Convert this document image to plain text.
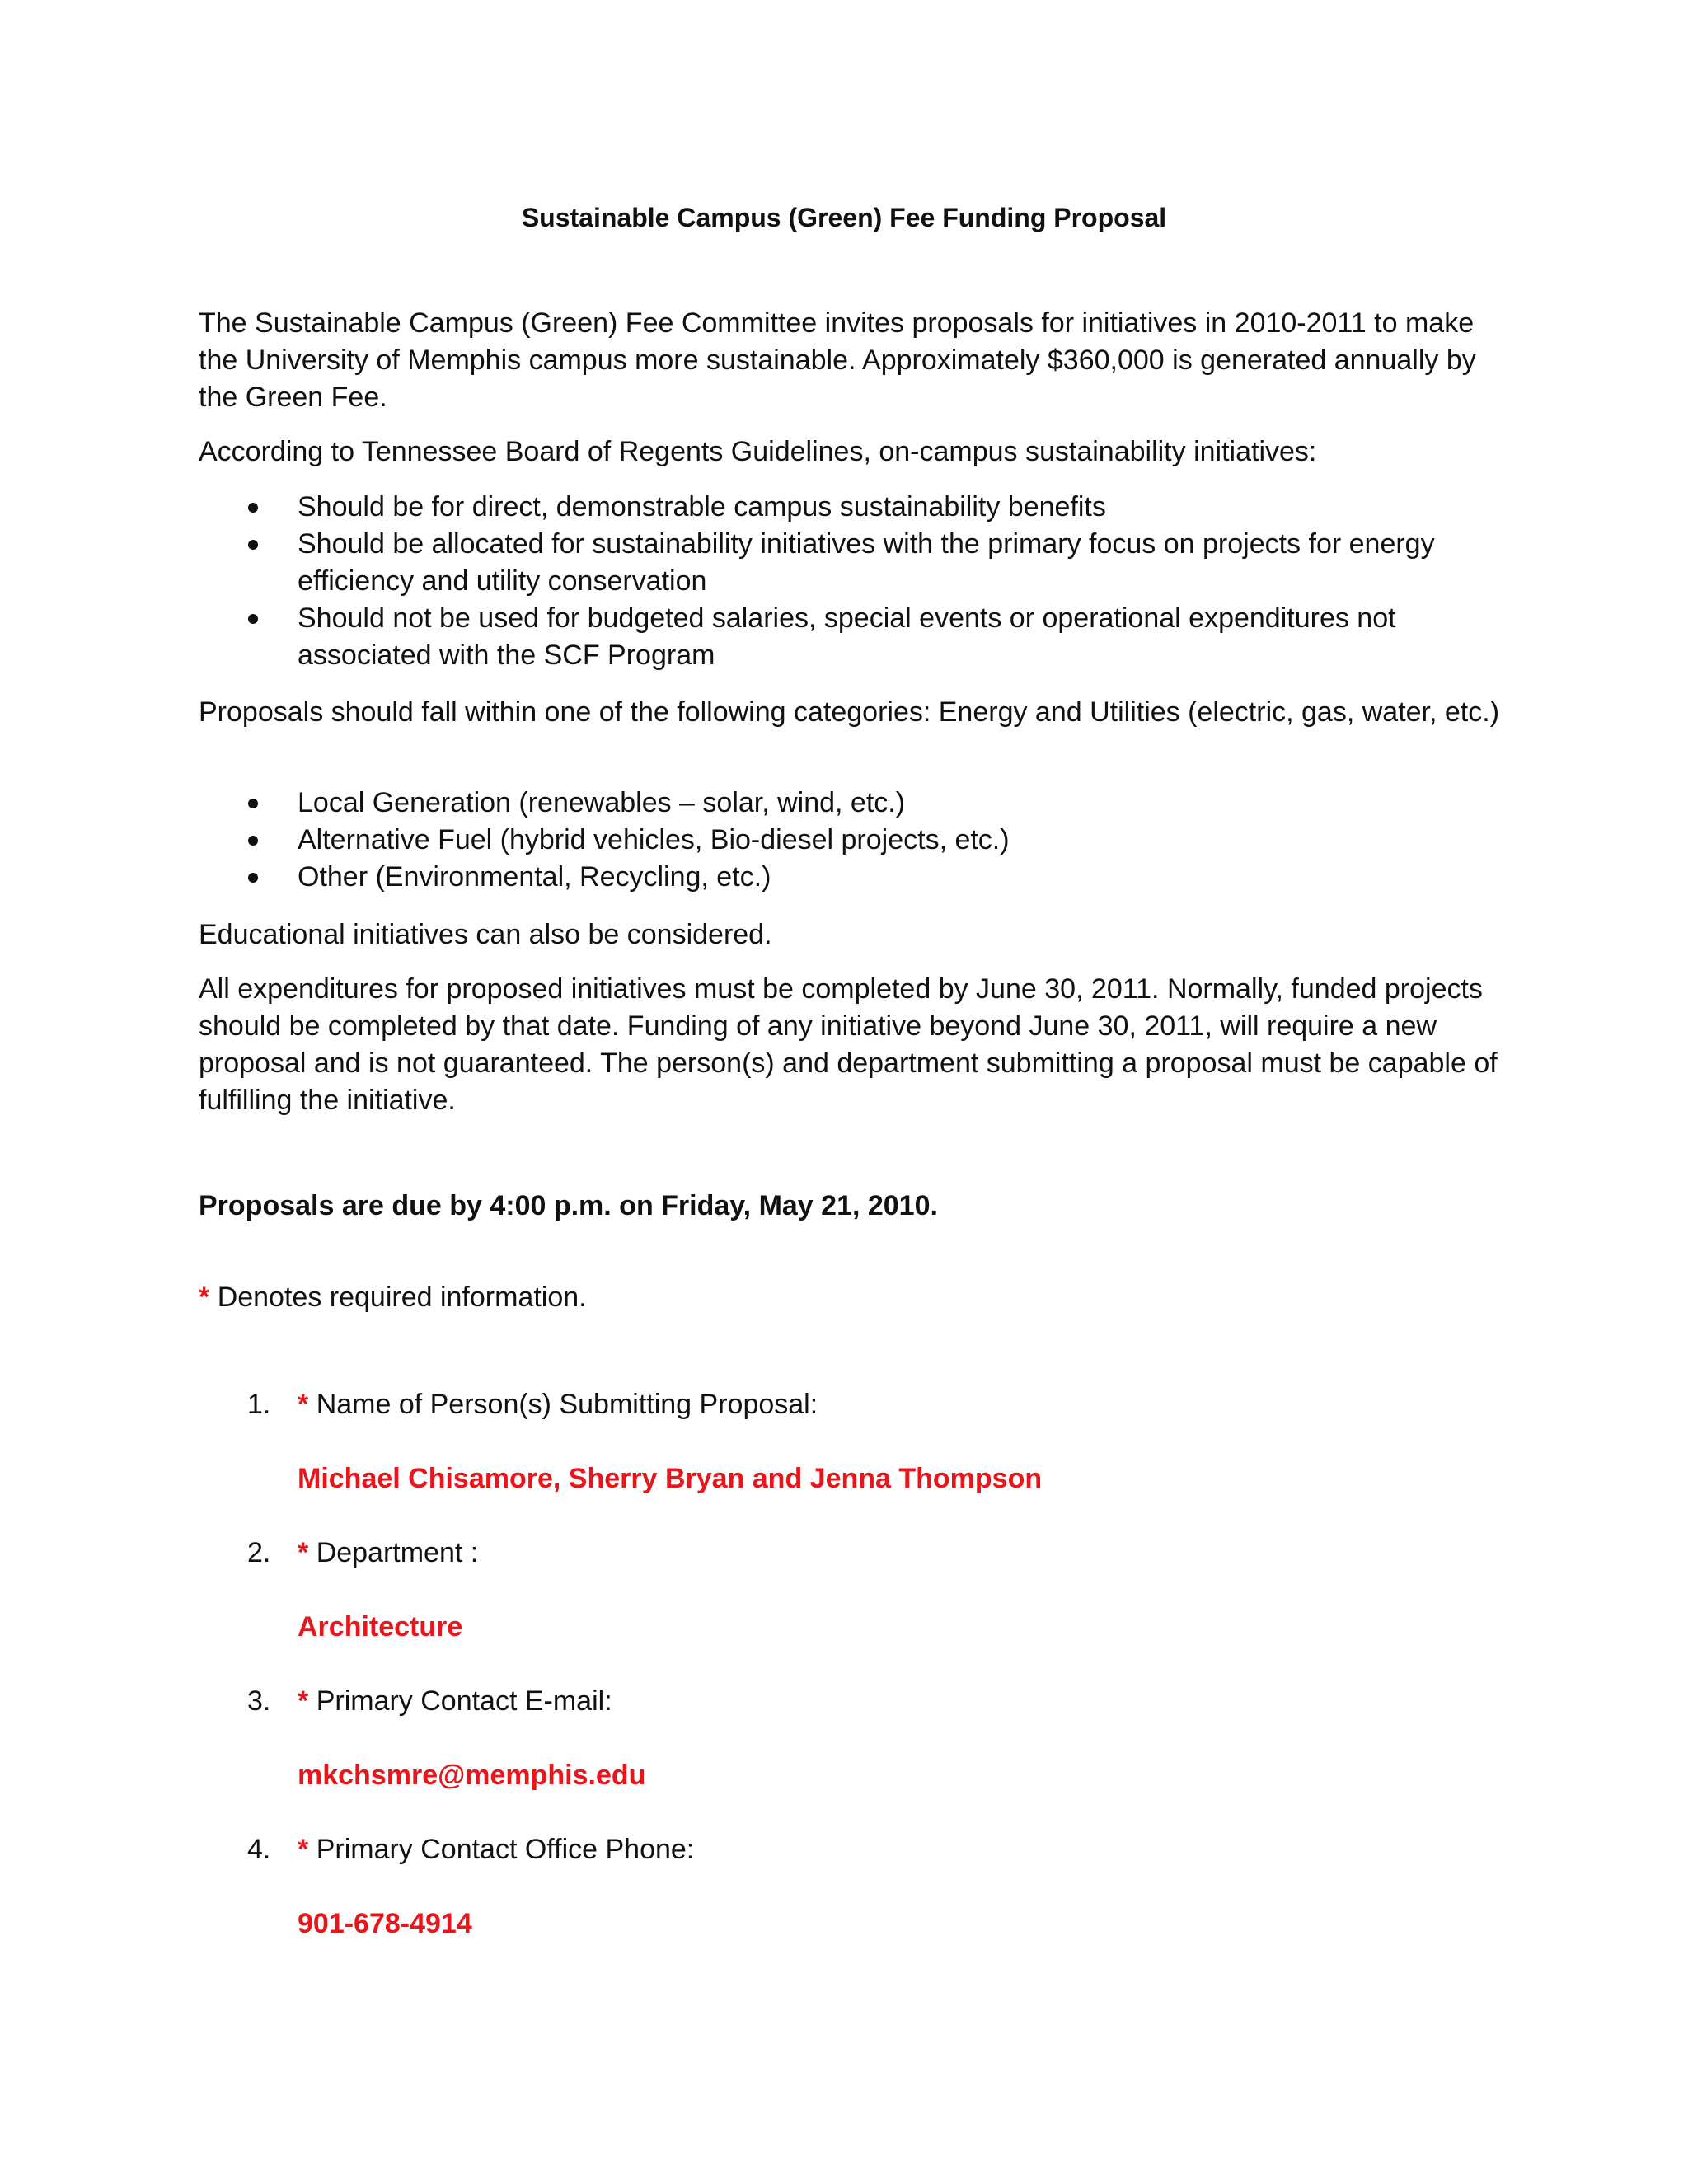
Sustainable Campus (Green) Fee Funding Proposal
The Sustainable Campus (Green) Fee Committee invites proposals for initiatives in 2010-2011 to make the University of Memphis campus more sustainable. Approximately $360,000 is generated annually by the Green Fee.
According to Tennessee Board of Regents Guidelines, on-campus sustainability initiatives:
Should be for direct, demonstrable campus sustainability benefits
Should be allocated for sustainability initiatives with the primary focus on projects for energy efficiency and utility conservation
Should not be used for budgeted salaries, special events or operational expenditures not associated with the SCF Program
Proposals should fall within one of the following categories: Energy and Utilities (electric, gas, water, etc.)
Local Generation (renewables – solar, wind, etc.)
Alternative Fuel (hybrid vehicles, Bio-diesel projects, etc.)
Other (Environmental, Recycling, etc.)
Educational initiatives can also be considered.
All expenditures for proposed initiatives must be completed by June 30, 2011. Normally, funded projects should be completed by that date. Funding of any initiative beyond June 30, 2011, will require a new proposal and is not guaranteed. The person(s) and department submitting a proposal must be capable of fulfilling the initiative.
Proposals are due by 4:00 p.m. on Friday, May 21, 2010.
* Denotes required information.
1. * Name of Person(s) Submitting Proposal:
Michael Chisamore, Sherry Bryan and Jenna Thompson
2. * Department :
Architecture
3. * Primary Contact E-mail:
mkchsmre@memphis.edu
4. * Primary Contact Office Phone:
901-678-4914
